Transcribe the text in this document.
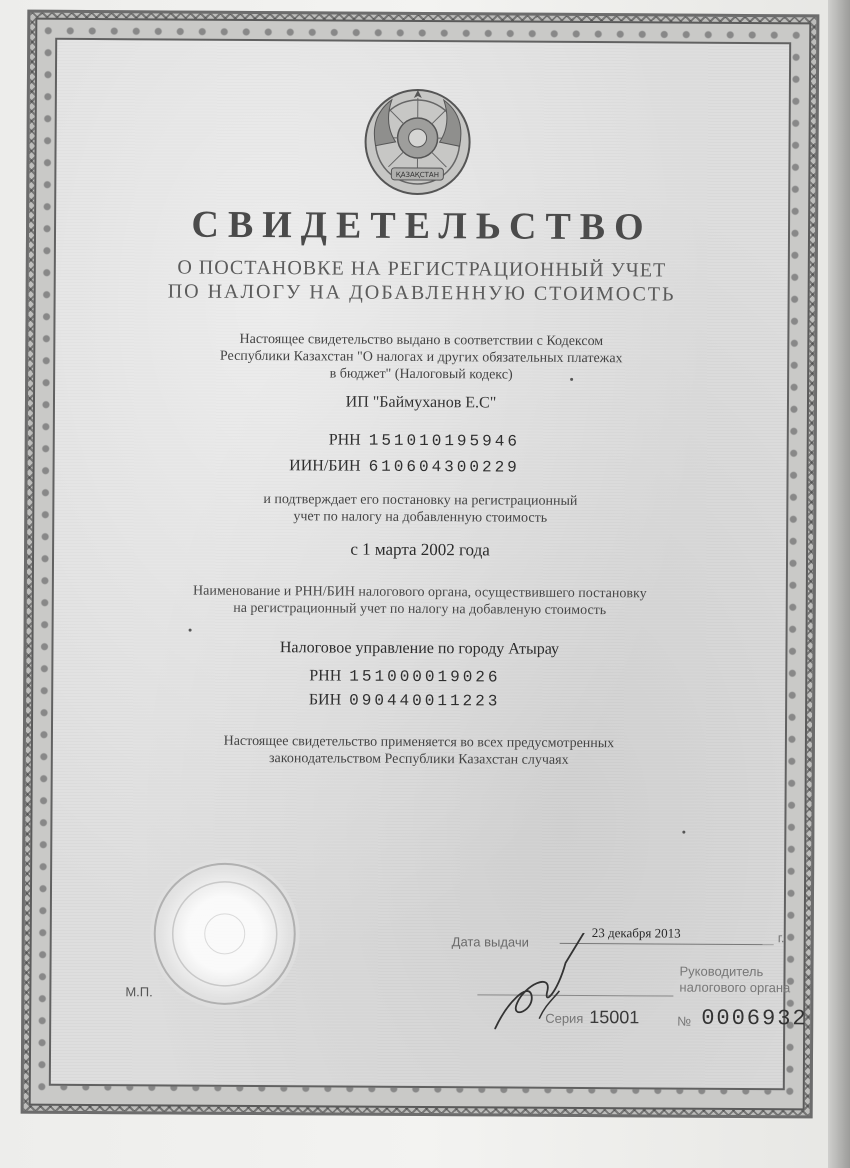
ҚАЗАҚСТАН
СВИДЕТЕЛЬСТВО
О ПОСТАНОВКЕ НА РЕГИСТРАЦИОННЫЙ УЧЕТ
ПО НАЛОГУ НА ДОБАВЛЕННУЮ СТОИМОСТЬ
Настоящее свидетельство выдано в соответствии с Кодексом
Республики Казахстан "О налогах и других обязательных платежах
в бюджет" (Налоговый кодекс)
ИП "Баймуханов Е.С"
РНН 151010195946
ИИН/БИН 610604300229
и подтверждает его постановку на регистрационный
учет по налогу на добавленную стоимость
с 1 марта 2002 года
Наименование и РНН/БИН налогового органа, осуществившего постановку
на регистрационный учет по налогу на добавленую стоимость
Налоговое управление по городу Атырау
РНН 151000019026
БИН 090440011223
Настоящее свидетельство применяется во всех предусмотренных
законодательством Республики Казахстан случаях
М.П.
Дата выдачи
23 декабря 2013	г.
Руководитель
налогового органа
Серия 15001	№ 0006932
